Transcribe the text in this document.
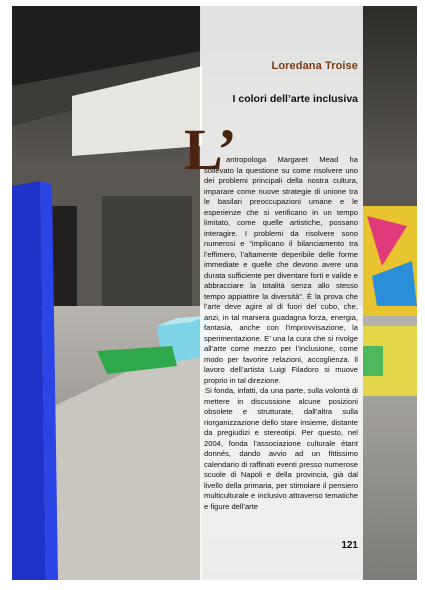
Loredana Troise
I colori dell’arte inclusiva
L’

antropologa Margaret Mead ha sollevato la questione su come risolvere uno dei problemi principali della nostra cultura, imparare come nuove strategie di unione tra le basilari preoccupazioni umane e le esperienze che si verificano in un tempo limitato, come quelle artistiche, possano interagire. I problemi da risolvere sono numerosi e “implicano il bilanciamento tra l’effimero, l’altamente deperibile delle forme immediate e quelle che devono avere una durata sufficiente per diventare forti e valide e abbracciare la totalità senza allo stesso tempo appiattire la diversità”. È la prova che l’arte deve agire al di fuori del cubo, che, anzi, in tal maniera guadagna forza, energia, fantasia, anche con l’improvvisazione, la sperimentazione. E’ una la cura che si rivolge all’arte come mezzo per l’inclusione, come modo per favorire relazioni, accoglienza. Il lavoro dell’artista Luigi Filadoro si muove proprio in tal direzione.

Si fonda, infatti, da una parte, sulla volontà di mettere in discussione alcune posizioni obsolete e strutturate, dall’altra sulla riorganizzazione dello stare insieme, distante da pregiudizi e stereotipi. Per questo, nel 2004, fonda l’associazione culturale étant donnés, dando avvio ad un fittissimo calendario di raffinati eventi presso numerose scuole di Napoli e della provincia, già dal livello della primaria, per stimolare il pensiero multiculturale e inclusivo attraverso tematiche e figure dell’arte

121
